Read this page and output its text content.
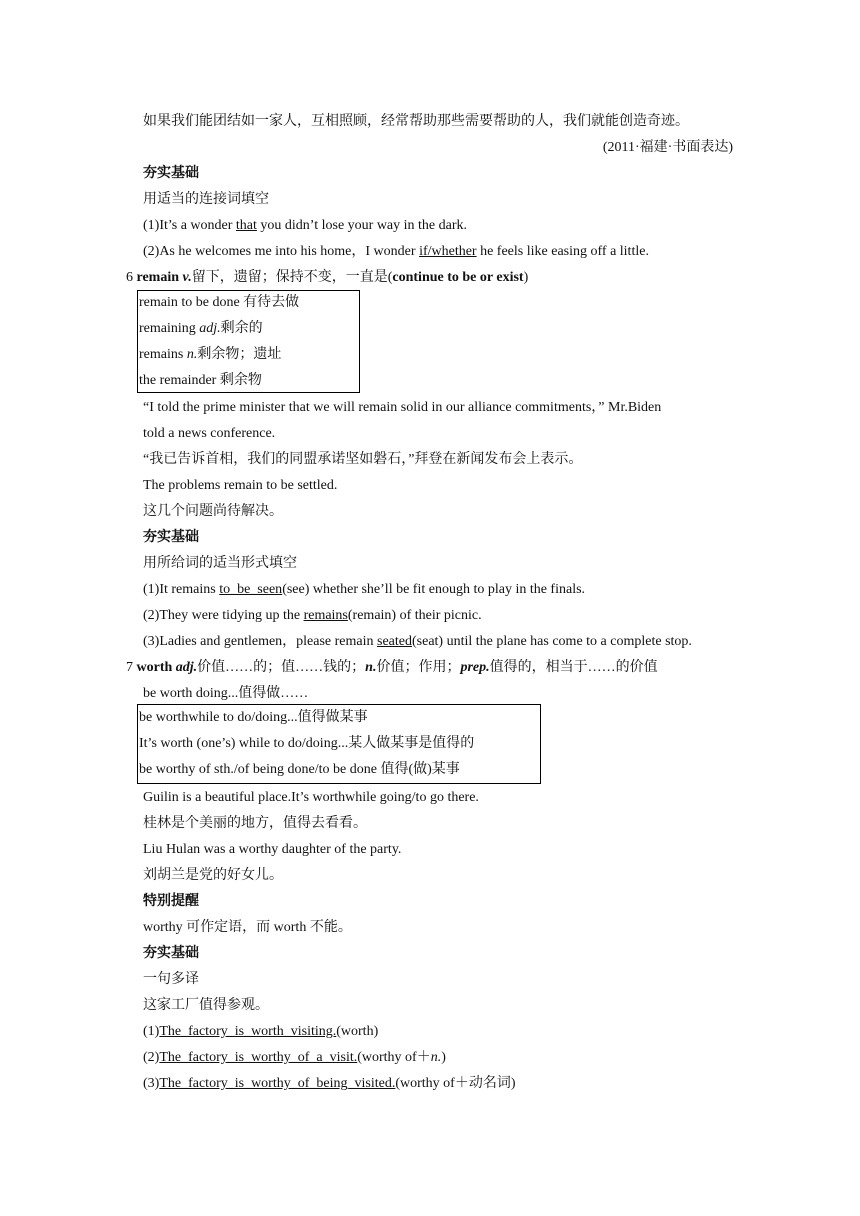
如果我们能团结如一家人，互相照顾，经常帮助那些需要帮助的人，我们就能创造奇迹。
(2011·福建·书面表达)
夯实基础
用适当的连接词填空
(1)It’s a wonder that you didn’t lose your way in the dark.
(2)As he welcomes me into his home，I wonder if/whether he feels like easing off a little.
6 remain v.留下，遗留；保持不变，一直是(continue to be or exist)
remain to be done 有待去做
remaining adj.剩余的
remains n.剩余物；遗址
the remainder 剩余物
“I told the prime minister that we will remain solid in our alliance commitments，” Mr.Biden
told a news conference.
“我已告诉首相，我们的同盟承诺坚如磐石，”拜登在新闻发布会上表示。
The problems remain to be settled.
这几个问题尚待解决。
夯实基础
用所给词的适当形式填空
(1)It remains to_be_seen(see) whether she’ll be fit enough to play in the finals.
(2)They were tidying up the remains(remain) of their picnic.
(3)Ladies and gentlemen，please remain seated(seat) until the plane has come to a complete stop.
7 worth adj.价值……的；值……钱的；n.价值；作用；prep.值得的，相当于……的价值
be worth doing...值得做……
be worthwhile to do/doing...值得做某事
It’s worth (one’s) while to do/doing...某人做某事是值得的
be worthy of sth./of being done/to be done 值得(做)某事
Guilin is a beautiful place.It’s worthwhile going/to go there.
桂林是个美丽的地方，值得去看看。
Liu Hulan was a worthy daughter of the party.
刘胡兰是党的好女儿。
特别提醒
worthy 可作定语，而 worth 不能。
夯实基础
一句多译
这家工厂值得参观。
(1)The_factory_is_worth_visiting.(worth)
(2)The_factory_is_worthy_of_a_visit.(worthy of＋n.)
(3)The_factory_is_worthy_of_being_visited.(worthy of＋动名词)
